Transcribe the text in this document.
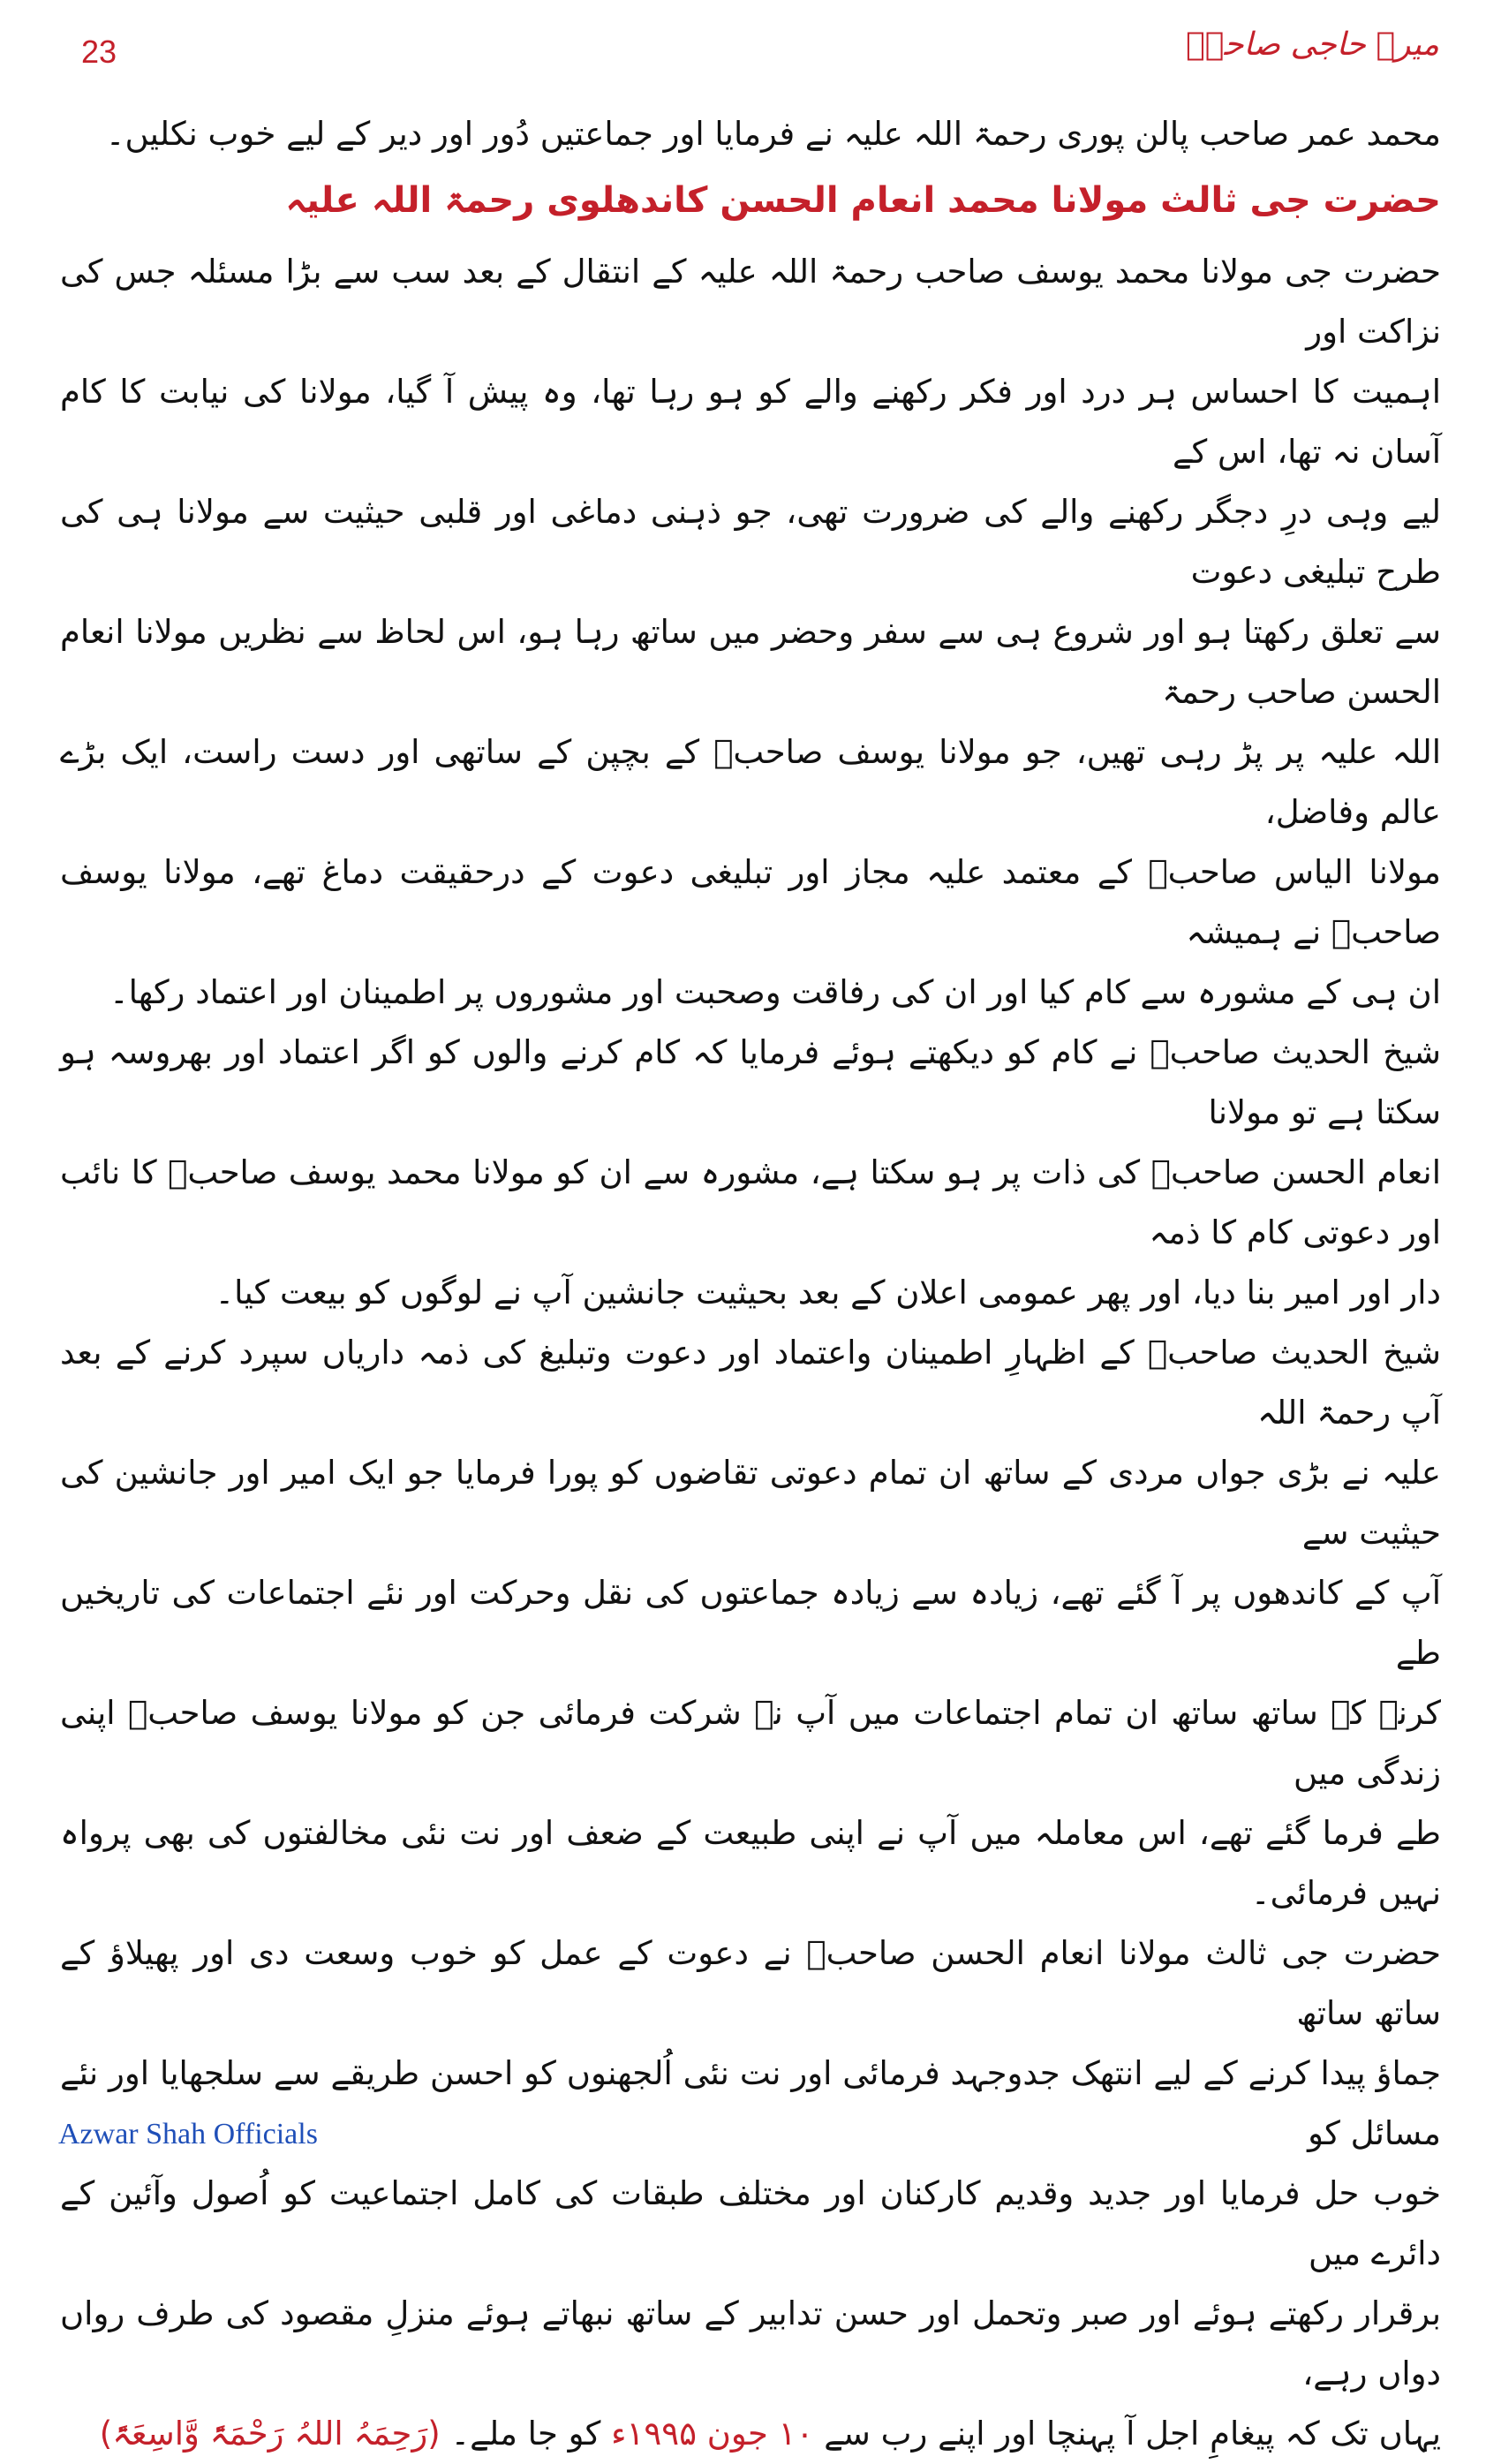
23	میرے حاجی صاحبؒ

محمد عمر صاحب پالن پوری رحمۃ اللہ علیہ نے فرمایا اور جماعتیں دُور اور دیر کے لیے خوب نکلیں۔

حضرت جی ثالث مولانا محمد انعام الحسن کاندھلوی رحمۃ اللہ علیہ

حضرت جی مولانا محمد یوسف صاحب رحمۃ اللہ علیہ کے انتقال کے بعد سب سے بڑا مسئلہ جس کی نزاکت اور

اہمیت کا احساس ہر درد اور فکر رکھنے والے کو ہو رہا تھا، وہ پیش آ گیا، مولانا کی نیابت کا کام آسان نہ تھا، اس کے

لیے وہی درِ دجگر رکھنے والے کی ضرورت تھی، جو ذہنی دماغی اور قلبی حیثیت سے مولانا ہی کی طرح تبلیغی دعوت

سے تعلق رکھتا ہو اور شروع ہی سے سفر وحضر میں ساتھ رہا ہو، اس لحاظ سے نظریں مولانا انعام الحسن صاحب رحمۃ

اللہ علیہ پر پڑ رہی تھیں، جو مولانا یوسف صاحبؒ کے بچپن کے ساتھی اور دست راست، ایک بڑے عالم وفاضل،

مولانا الیاس صاحبؒ کے معتمد علیہ مجاز اور تبلیغی دعوت کے درحقیقت دماغ تھے، مولانا یوسف صاحبؒ نے ہمیشہ

ان ہی کے مشورہ سے کام کیا اور ان کی رفاقت وصحبت اور مشوروں پر اطمینان اور اعتماد رکھا۔

شیخ الحدیث صاحبؒ نے کام کو دیکھتے ہوئے فرمایا کہ کام کرنے والوں کو اگر اعتماد اور بھروسہ ہو سکتا ہے تو مولانا

انعام الحسن صاحبؒ کی ذات پر ہو سکتا ہے، مشورہ سے ان کو مولانا محمد یوسف صاحبؒ کا نائب اور دعوتی کام کا ذمہ

دار اور امیر بنا دیا، اور پھر عمومی اعلان کے بعد بحیثیت جانشین آپ نے لوگوں کو بیعت کیا۔

شیخ الحدیث صاحبؒ کے اظہارِ اطمینان واعتماد اور دعوت وتبلیغ کی ذمہ داریاں سپرد کرنے کے بعد آپ رحمۃ اللہ

علیہ نے بڑی جواں مردی کے ساتھ ان تمام دعوتی تقاضوں کو پورا فرمایا جو ایک امیر اور جانشین کی حیثیت سے

آپ کے کاندھوں پر آ گئے تھے، زیادہ سے زیادہ جماعتوں کی نقل وحرکت اور نئے اجتماعات کی تاریخیں طے

کرنے کے ساتھ ساتھ ان تمام اجتماعات میں آپ نے شرکت فرمائی جن کو مولانا یوسف صاحبؒ اپنی زندگی میں

طے فرما گئے تھے، اس معاملہ میں آپ نے اپنی طبیعت کے ضعف اور نت نئی مخالفتوں کی بھی پرواہ نہیں فرمائی۔

حضرت جی ثالث مولانا انعام الحسن صاحبؒ نے دعوت کے عمل کو خوب وسعت دی اور پھیلاؤ کے ساتھ ساتھ

جماؤ پیدا کرنے کے لیے انتھک جدوجہد فرمائی اور نت نئی اُلجھنوں کو احسن طریقے سے سلجھایا اور نئے مسائل کو

خوب حل فرمایا اور جدید وقدیم کارکنان اور مختلف طبقات کی کامل اجتماعیت کو اُصول وآئین کے دائرے میں

برقرار رکھتے ہوئے اور صبر وتحمل اور حسن تدابیر کے ساتھ نبھاتے ہوئے منزلِ مقصود کی طرف رواں دواں رہے،

یہاں تک کہ پیغامِ اجل آ پہنچا اور اپنے رب سے ۱۰ جون ۱۹۹۵ء کو جا ملے۔ (رَحِمَہُ اللہُ رَحْمَۃً وَّاسِعَۃً)

Azwar Shah Officials
